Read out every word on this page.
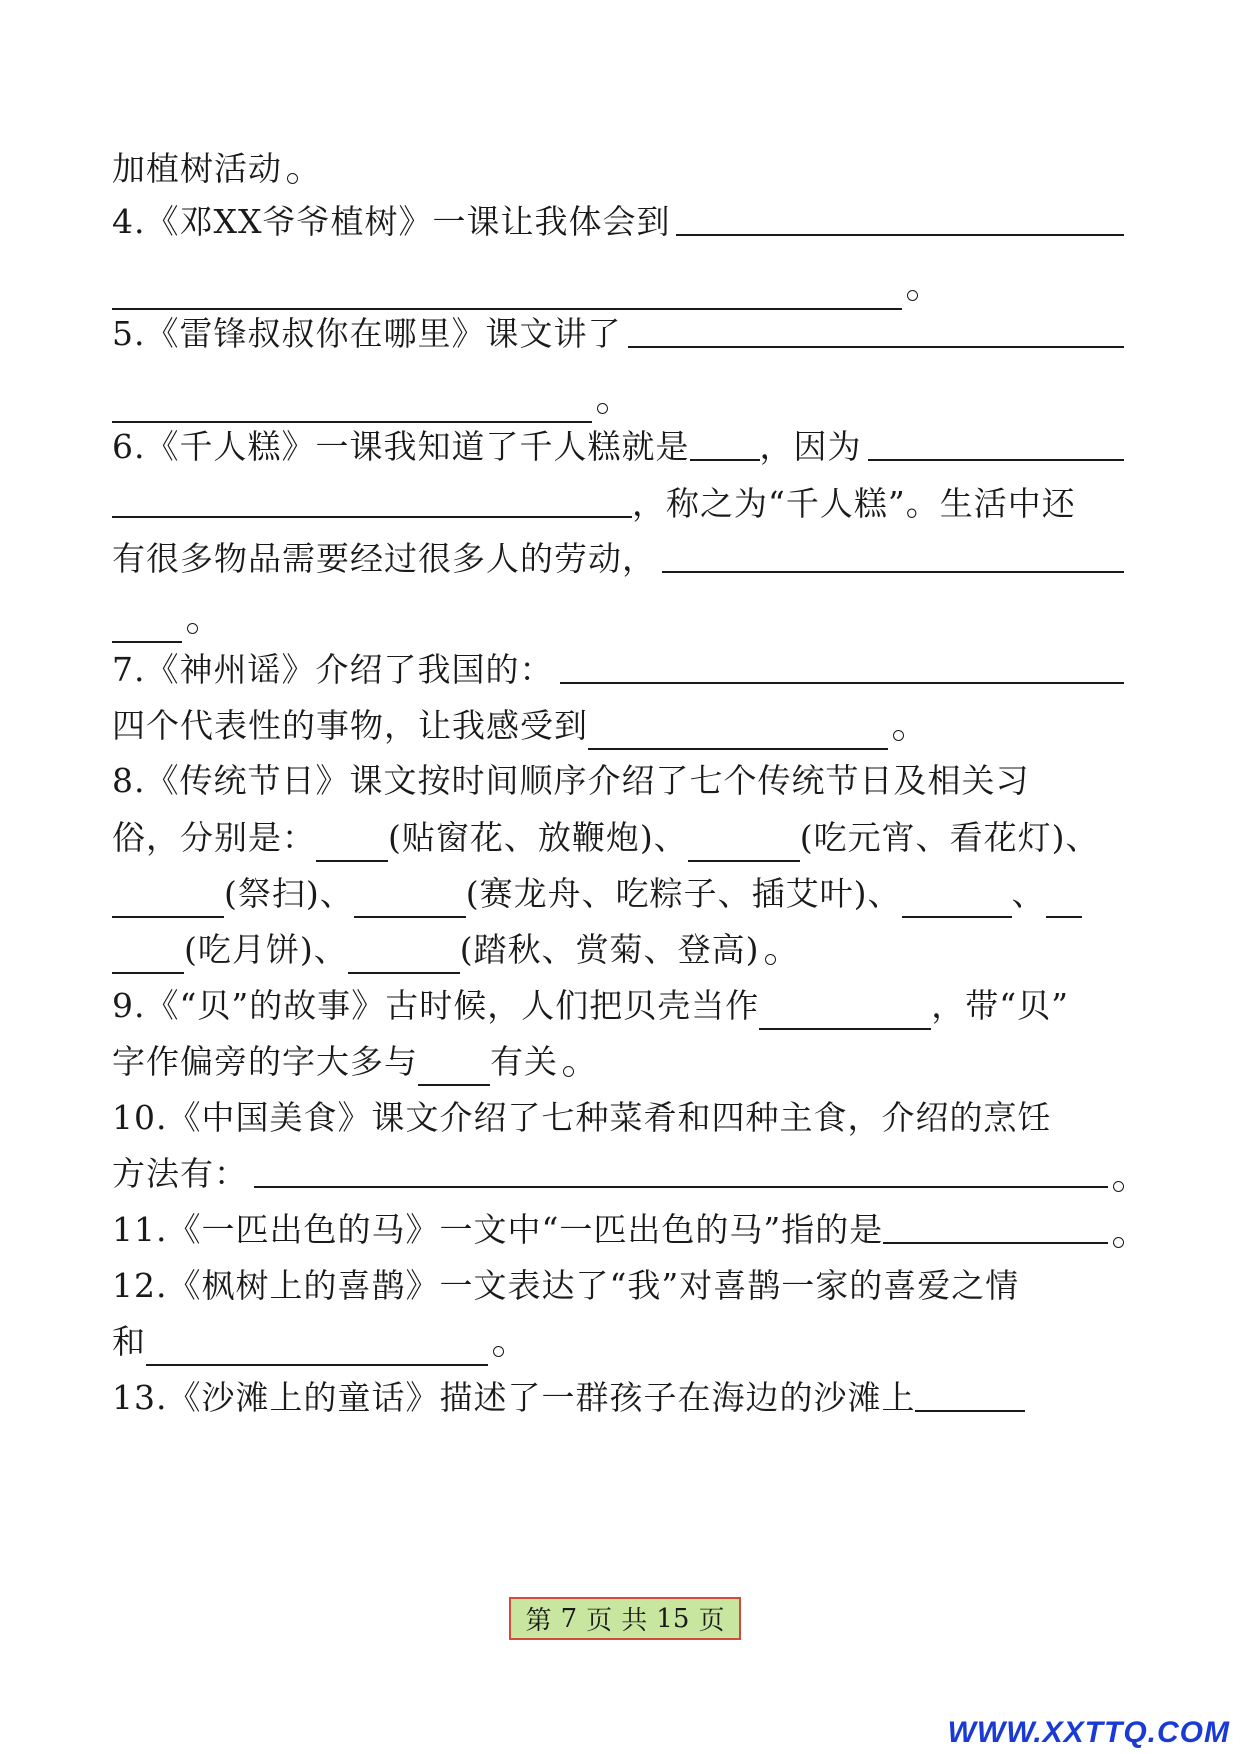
加植树活动
4.《邓XX爷爷植树》一课让我体会到
5.《雷锋叔叔你在哪里》课文讲了
6.《千人糕》一课我知道了千人糕就是 ，因为
，称之为“千人糕”。生活中还
有很多物品需要经过很多人的劳动，
7.《神州谣》介绍了我国的：
四个代表性的事物，让我感受到
8.《传统节日》课文按时间顺序介绍了七个传统节日及相关习
俗，分别是： (贴窗花、放鞭炮)、	(吃元宵、看花灯)、
(祭扫)、	(赛龙舟、吃粽子、插艾叶)、	、
(吃月饼)、	(踏秋、赏菊、登高)
9.《“贝”的故事》古时候，人们把贝壳当作	，带“贝”
字作偏旁的字大多与 有关
10.《中国美食》课文介绍了七种菜肴和四种主食，介绍的烹饪
方法有：
11.《一匹出色的马》一文中“一匹出色的马”指的是
12.《枫树上的喜鹊》一文表达了“我”对喜鹊一家的喜爱之情
和
13.《沙滩上的童话》描述了一群孩子在海边的沙滩上
第 7 页 共 15 页
WWW.XXTTQ.COM
